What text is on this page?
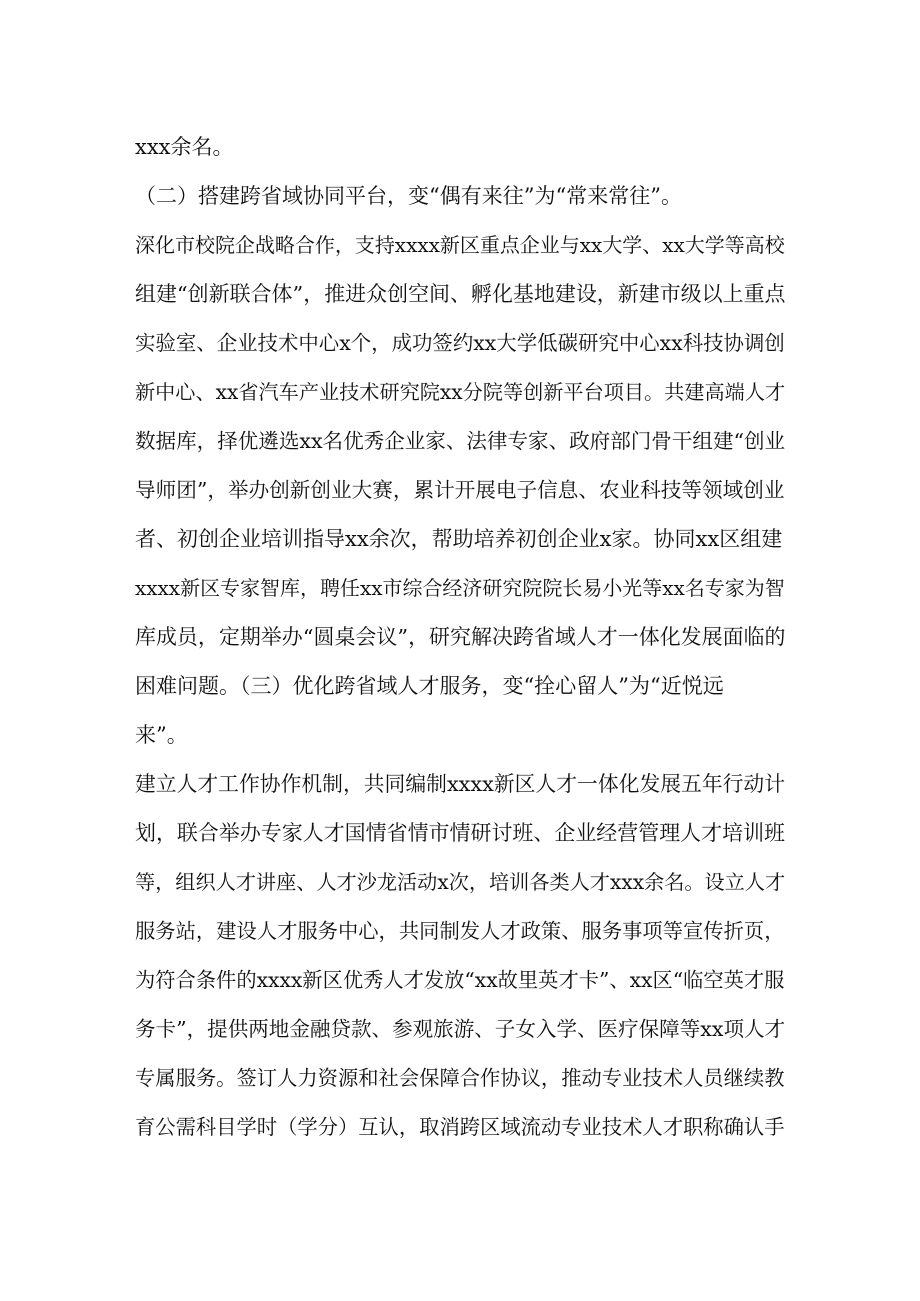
xxx余名。
（二）搭建跨省域协同平台，变“偶有来往”为“常来常往”。
深化市校院企战略合作，支持xxxx新区重点企业与xx大学、xx大学等高校
组建“创新联合体”，推进众创空间、孵化基地建设，新建市级以上重点
实验室、企业技术中心x个，成功签约xx大学低碳研究中心xx科技协调创
新中心、xx省汽车产业技术研究院xx分院等创新平台项目。共建高端人才
数据库，择优遴选xx名优秀企业家、法律专家、政府部门骨干组建“创业
导师团”，举办创新创业大赛，累计开展电子信息、农业科技等领域创业
者、初创企业培训指导xx余次，帮助培养初创企业x家。协同xx区组建
xxxx新区专家智库，聘任xx市综合经济研究院院长易小光等xx名专家为智
库成员，定期举办“圆桌会议”，研究解决跨省域人才一体化发展面临的
困难问题。（三）优化跨省域人才服务，变“拴心留人”为“近悦远
来”。
建立人才工作协作机制，共同编制xxxx新区人才一体化发展五年行动计
划，联合举办专家人才国情省情市情研讨班、企业经营管理人才培训班
等，组织人才讲座、人才沙龙活动x次，培训各类人才xxx余名。设立人才
服务站，建设人才服务中心，共同制发人才政策、服务事项等宣传折页，
为符合条件的xxxx新区优秀人才发放“xx故里英才卡”、xx区“临空英才服
务卡”，提供两地金融贷款、参观旅游、子女入学、医疗保障等xx项人才
专属服务。签订人力资源和社会保障合作协议，推动专业技术人员继续教
育公需科目学时（学分）互认，取消跨区域流动专业技术人才职称确认手
